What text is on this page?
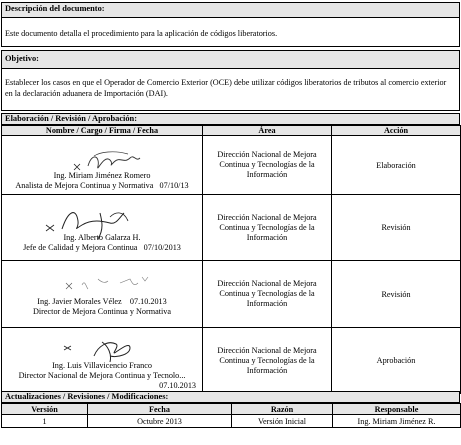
Descripción del documento:
Este documento detalla el procedimiento para la aplicación de códigos liberatorios.
Objetivo:
Establecer los casos en que el Operador de Comercio Exterior (OCE) debe utilizar códigos liberatorios de tributos al comercio exterior en la declaración aduanera de Importación (DAI).
Elaboración / Revisión / Aprobación:
Nombre / Cargo / Firma / Fecha	Área	Acción

Ing. Miriam Jiménez Romero
Analista de Mejora Continua y Normativa 07/10/13	Dirección Nacional de Mejora Continua y Tecnologías de la Información	Elaboración

Ing. Alberto Galarza H.
Jefe de Calidad y Mejora Continua 07/10/2013	Dirección Nacional de Mejora Continua y Tecnologías de la Información	Revisión

Ing. Javier Morales Vélez 07.10.2013
Director de Mejora Continua y Normativa	Dirección Nacional de Mejora Continua y Tecnologías de la Información	Revisión

Ing. Luis Villavicencio Franco
Director Nacional de Mejora Continua y Tecnolo...
07.10.2013	Dirección Nacional de Mejora Continua y Tecnologías de la Información	Aprobación
Actualizaciones / Revisiones / Modificaciones:
Versión	Fecha	Razón	Responsable
1	Octubre 2013	Versión Inicial	Ing. Miriam Jiménez R.
